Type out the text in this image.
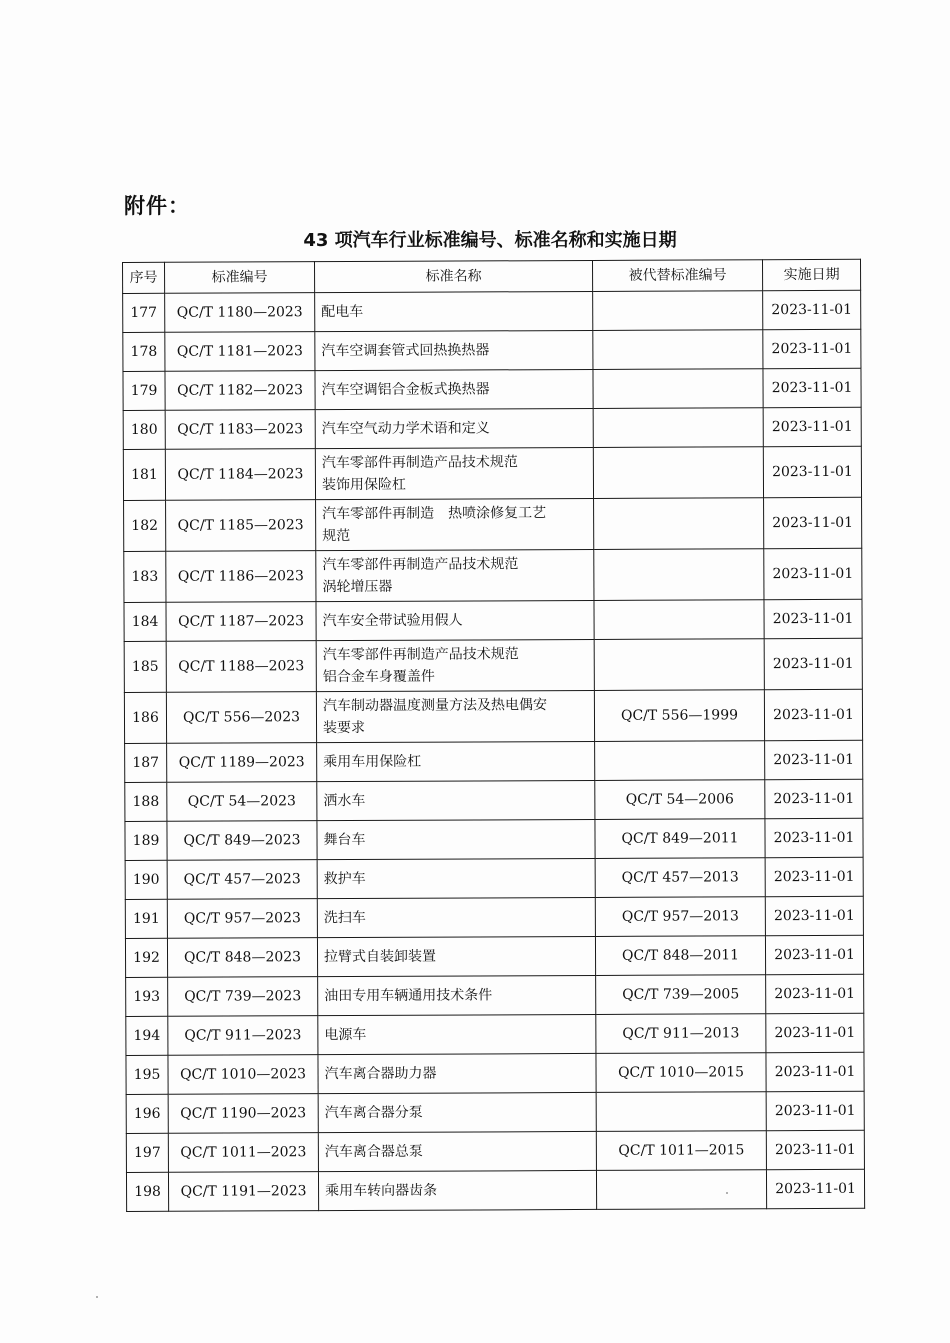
附件：
43 项汽车行业标准编号、标准名称和实施日期
序号	标准编号	标准名称	被代替标准编号	实施日期
177	QC/T 1180—2023	配电车		2023-11-01
178	QC/T 1181—2023	汽车空调套管式回热换热器		2023-11-01
179	QC/T 1182—2023	汽车空调铝合金板式换热器		2023-11-01
180	QC/T 1183—2023	汽车空气动力学术语和定义		2023-11-01
181	QC/T 1184—2023	汽车零部件再制造产品技术规范
装饰用保险杠		2023-11-01
182	QC/T 1185—2023	汽车零部件再制造　热喷涂修复工艺
规范		2023-11-01
183	QC/T 1186—2023	汽车零部件再制造产品技术规范
涡轮增压器		2023-11-01
184	QC/T 1187—2023	汽车安全带试验用假人		2023-11-01
185	QC/T 1188—2023	汽车零部件再制造产品技术规范
铝合金车身覆盖件		2023-11-01
186	QC/T 556—2023	汽车制动器温度测量方法及热电偶安
装要求	QC/T 556—1999	2023-11-01
187	QC/T 1189—2023	乘用车用保险杠		2023-11-01
188	QC/T 54—2023	洒水车	QC/T 54—2006	2023-11-01
189	QC/T 849—2023	舞台车	QC/T 849—2011	2023-11-01
190	QC/T 457—2023	救护车	QC/T 457—2013	2023-11-01
191	QC/T 957—2023	洗扫车	QC/T 957—2013	2023-11-01
192	QC/T 848—2023	拉臂式自装卸装置	QC/T 848—2011	2023-11-01
193	QC/T 739—2023	油田专用车辆通用技术条件	QC/T 739—2005	2023-11-01
194	QC/T 911—2023	电源车	QC/T 911—2013	2023-11-01
195	QC/T 1010—2023	汽车离合器助力器	QC/T 1010—2015	2023-11-01
196	QC/T 1190—2023	汽车离合器分泵		2023-11-01
197	QC/T 1011—2023	汽车离合器总泵	QC/T 1011—2015	2023-11-01
198	QC/T 1191—2023	乘用车转向器齿条		2023-11-01
